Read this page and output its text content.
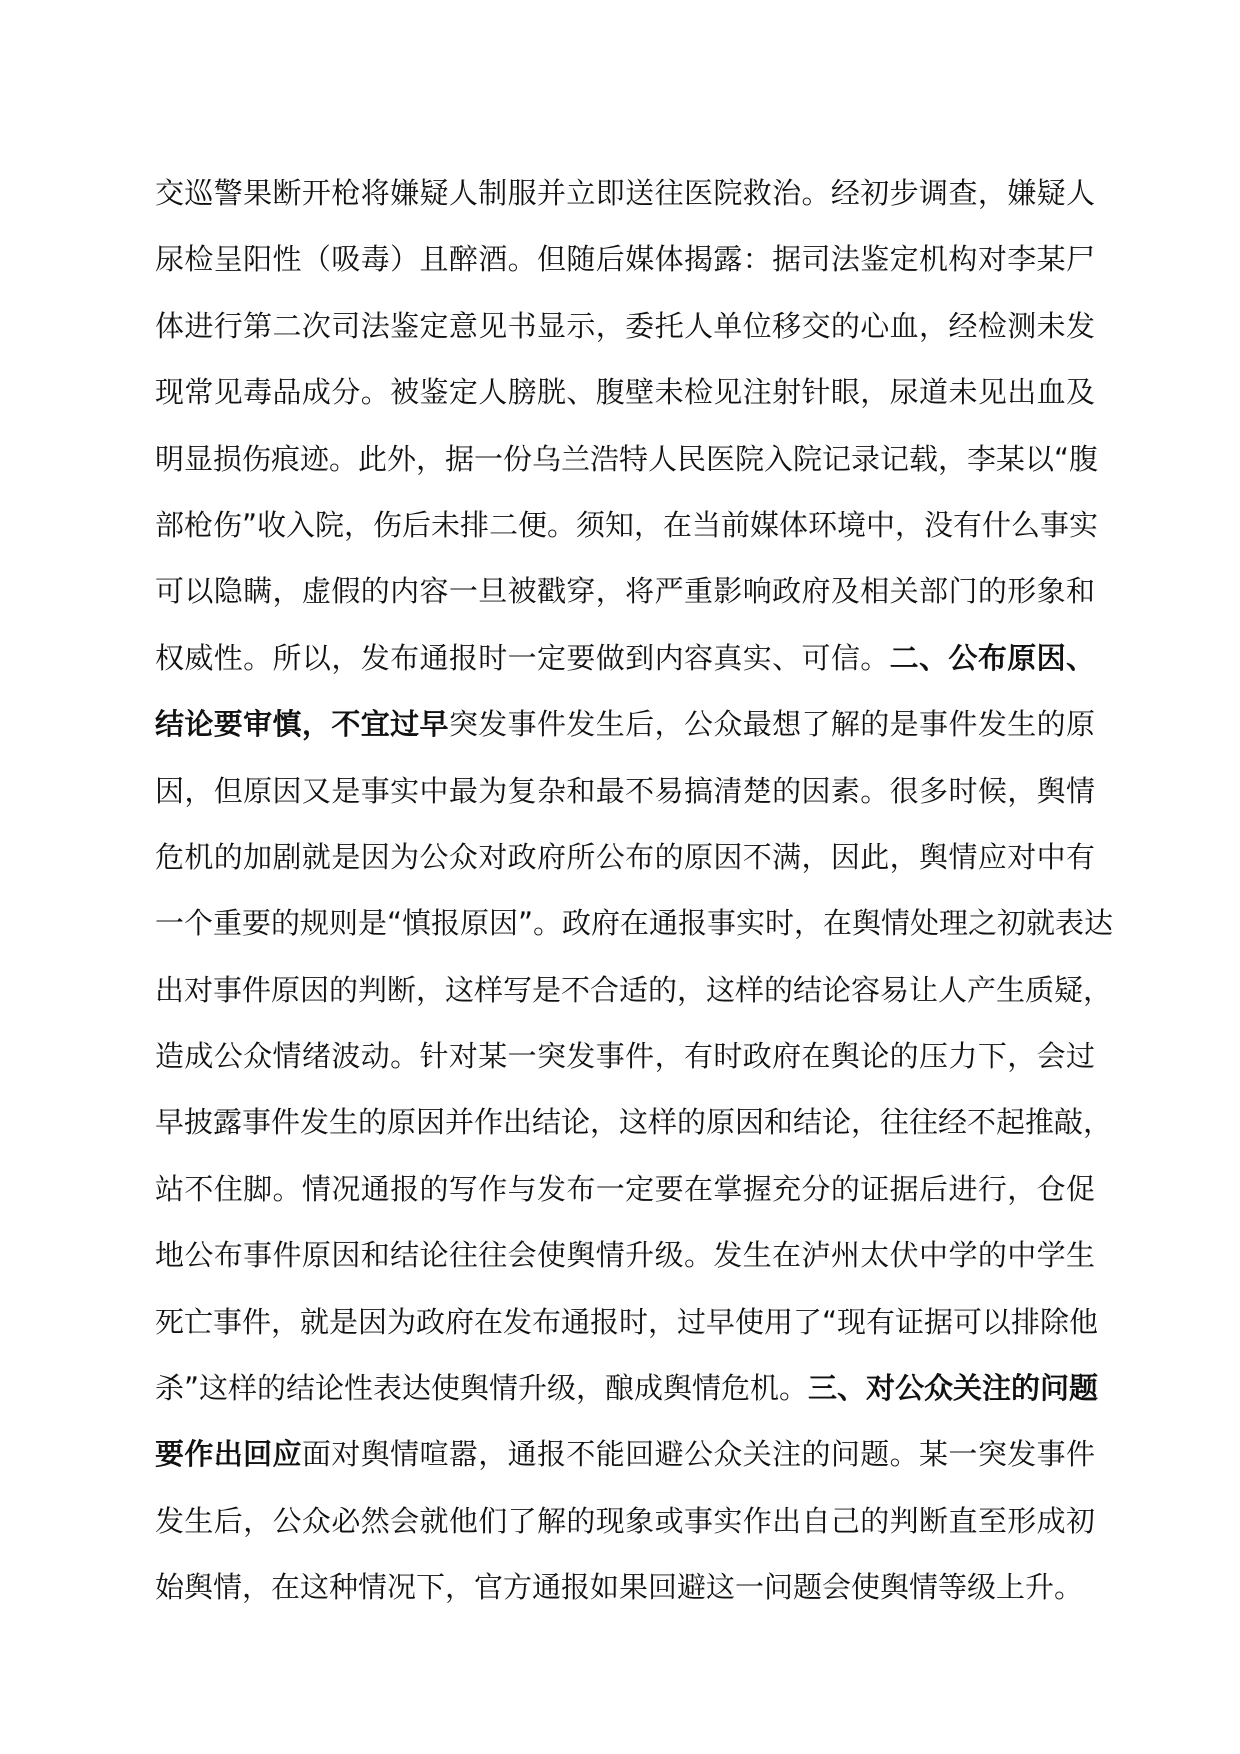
交巡警果断开枪将嫌疑人制服并立即送往医院救治。经初步调查，嫌疑人
尿检呈阳性（吸毒）且醉酒。但随后媒体揭露：据司法鉴定机构对李某尸
体进行第二次司法鉴定意见书显示，委托人单位移交的心血，经检测未发
现常见毒品成分。被鉴定人膀胱、腹壁未检见注射针眼，尿道未见出血及
明显损伤痕迹。此外，据一份乌兰浩特人民医院入院记录记载，李某以“腹
部枪伤”收入院，伤后未排二便。须知，在当前媒体环境中，没有什么事实
可以隐瞒，虚假的内容一旦被戳穿，将严重影响政府及相关部门的形象和
权威性。所以，发布通报时一定要做到内容真实、可信。二、公布原因、
结论要审慎，不宜过早突发事件发生后，公众最想了解的是事件发生的原
因，但原因又是事实中最为复杂和最不易搞清楚的因素。很多时候，舆情
危机的加剧就是因为公众对政府所公布的原因不满，因此，舆情应对中有
一个重要的规则是“慎报原因”。政府在通报事实时，在舆情处理之初就表达
出对事件原因的判断，这样写是不合适的，这样的结论容易让人产生质疑，
造成公众情绪波动。针对某一突发事件，有时政府在舆论的压力下，会过
早披露事件发生的原因并作出结论，这样的原因和结论，往往经不起推敲，
站不住脚。情况通报的写作与发布一定要在掌握充分的证据后进行，仓促
地公布事件原因和结论往往会使舆情升级。发生在泸州太伏中学的中学生
死亡事件，就是因为政府在发布通报时，过早使用了“现有证据可以排除他
杀”这样的结论性表达使舆情升级，酿成舆情危机。三、对公众关注的问题
要作出回应面对舆情喧嚣，通报不能回避公众关注的问题。某一突发事件
发生后，公众必然会就他们了解的现象或事实作出自己的判断直至形成初
始舆情，在这种情况下，官方通报如果回避这一问题会使舆情等级上升。
